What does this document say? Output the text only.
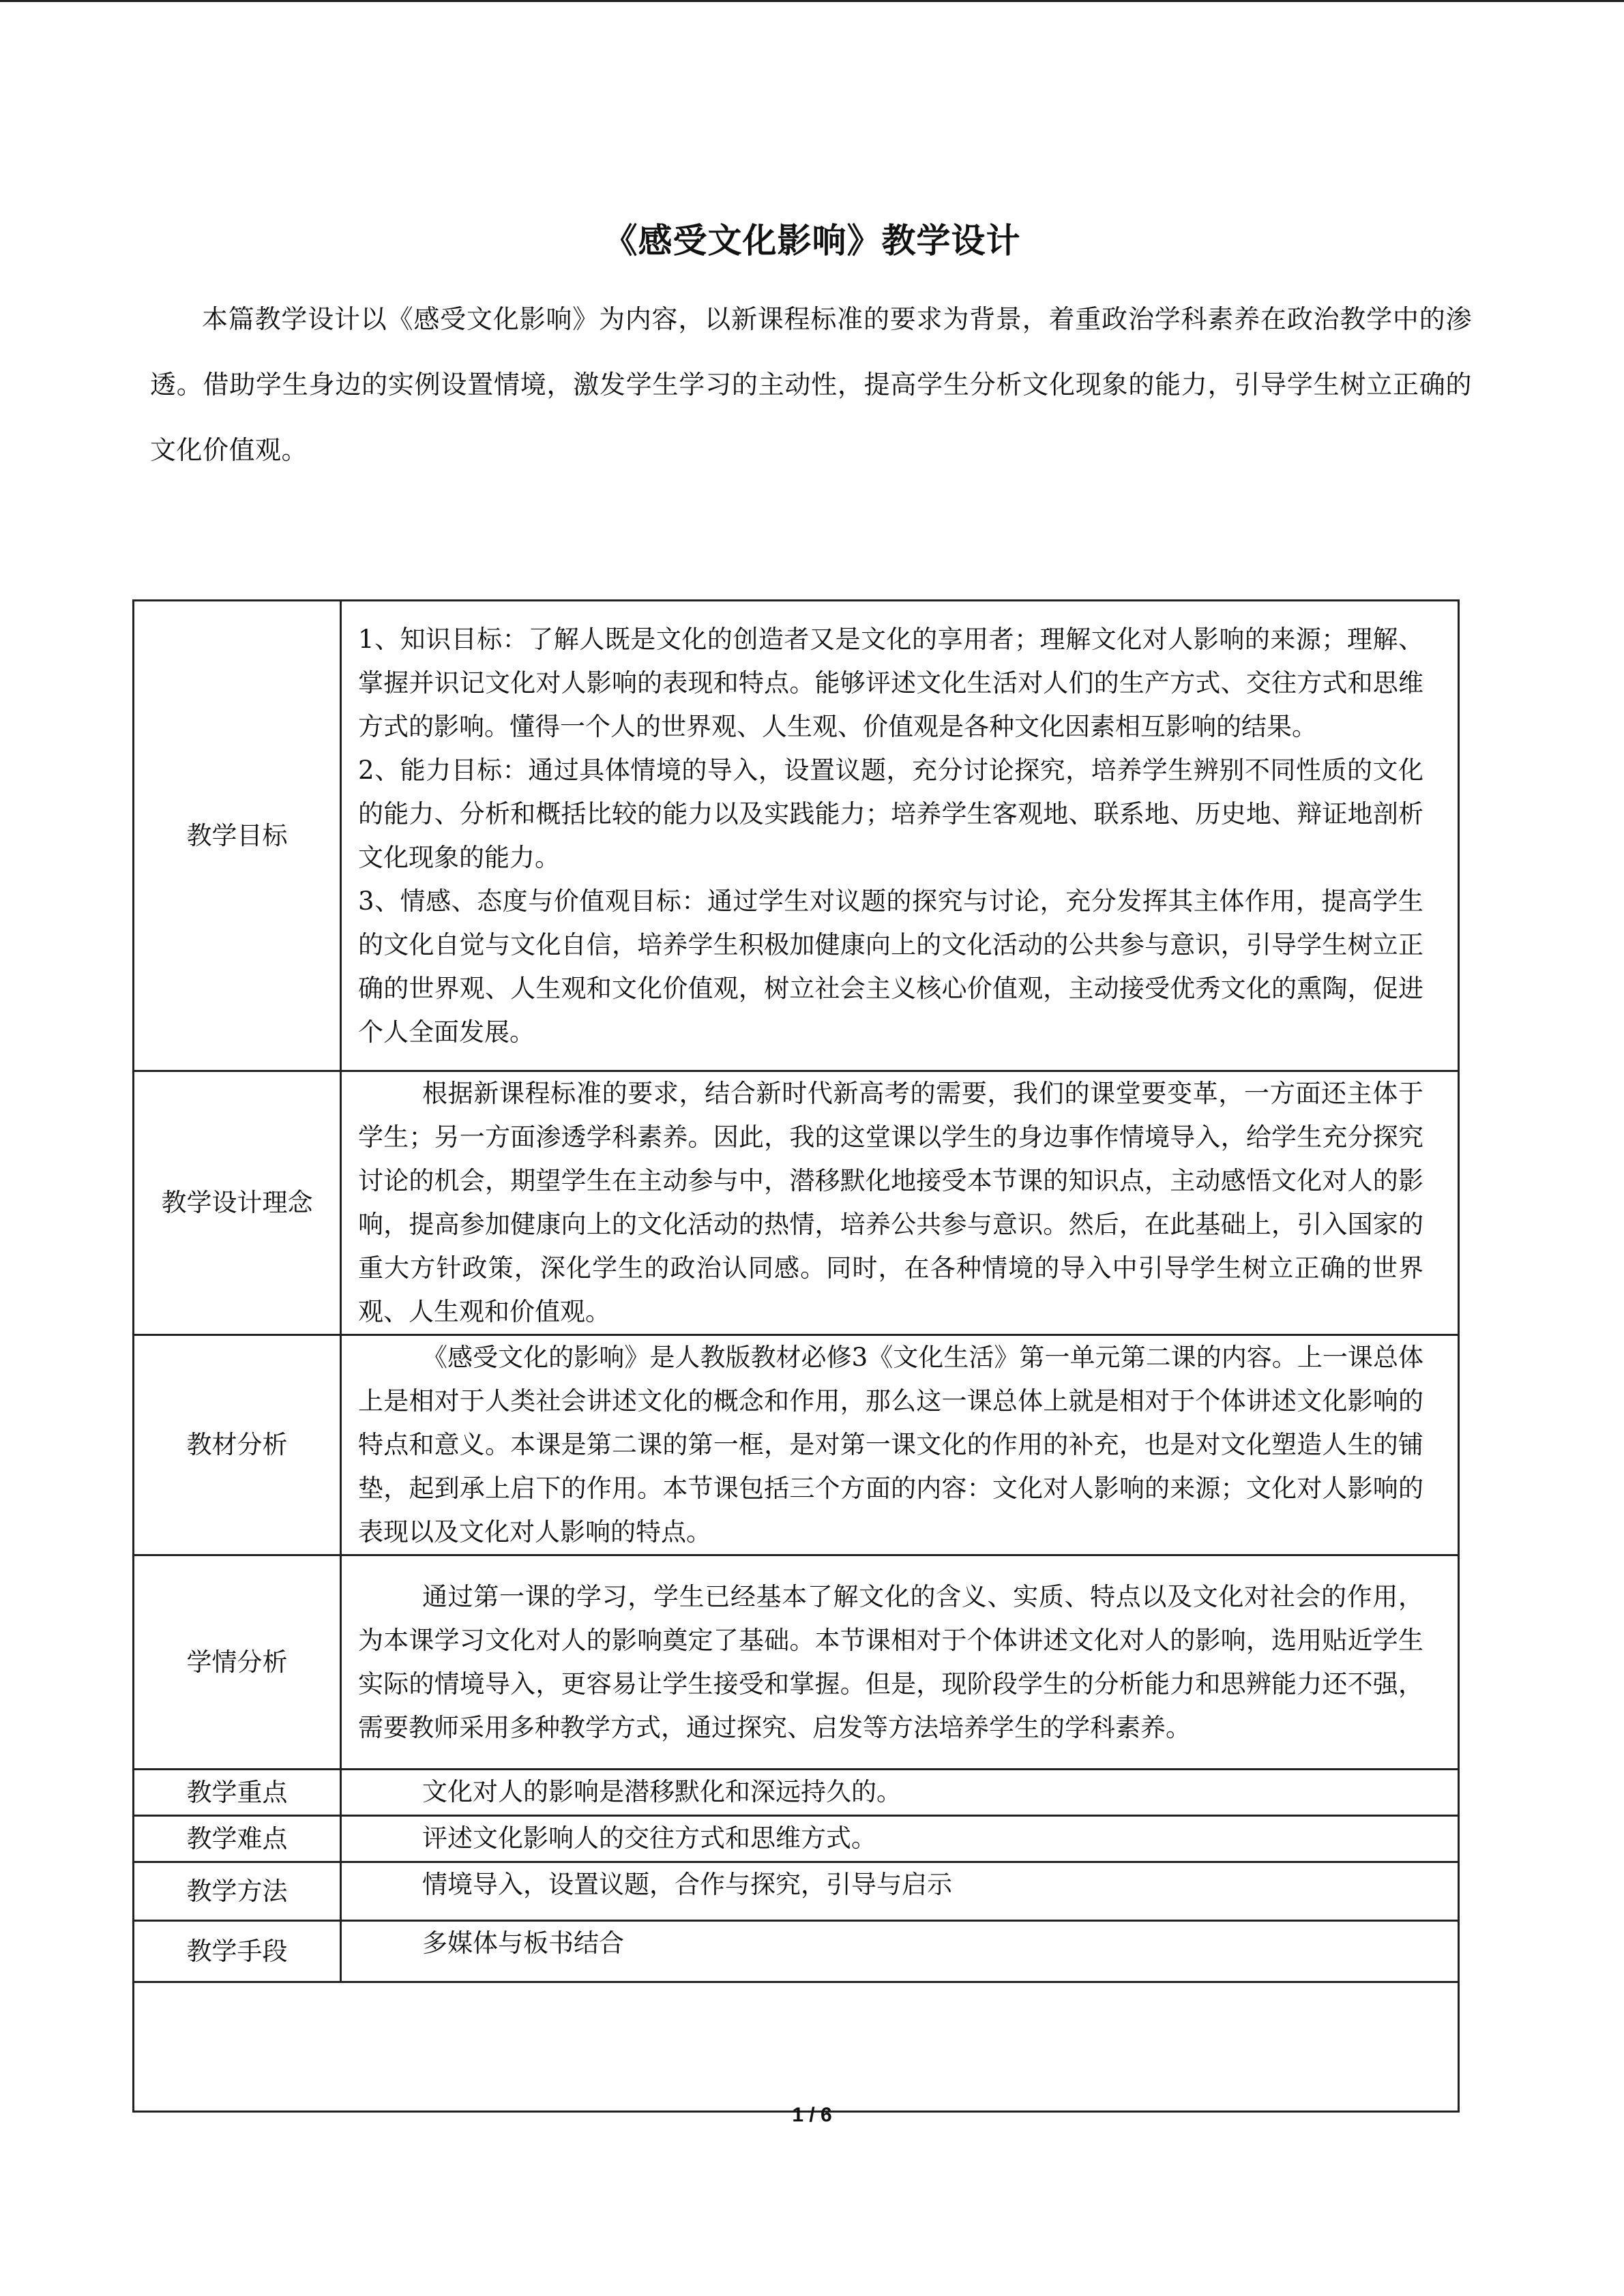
《感受文化影响》教学设计
本篇教学设计以《感受文化影响》为内容，以新课程标准的要求为背景，着重政治学科素养在政治教学中的渗透。借助学生身边的实例设置情境，激发学生学习的主动性，提高学生分析文化现象的能力，引导学生树立正确的文化价值观。
教学目标	1、知识目标：了解人既是文化的创造者又是文化的享用者；理解文化对人影响的来源；理解、掌握并识记文化对人影响的表现和特点。能够评述文化生活对人们的生产方式、交往方式和思维方式的影响。懂得一个人的世界观、人生观、价值观是各种文化因素相互影响的结果。

2、能力目标：通过具体情境的导入，设置议题，充分讨论探究，培养学生辨别不同性质的文化的能力、分析和概括比较的能力以及实践能力；培养学生客观地、联系地、历史地、辩证地剖析文化现象的能力。

3、情感、态度与价值观目标：通过学生对议题的探究与讨论，充分发挥其主体作用，提高学生的文化自觉与文化自信，培养学生积极加健康向上的文化活动的公共参与意识，引导学生树立正确的世界观、人生观和文化价值观，树立社会主义核心价值观，主动接受优秀文化的熏陶，促进个人全面发展。

教学设计理念	根据新课程标准的要求，结合新时代新高考的需要，我们的课堂要变革，一方面还主体于学生；另一方面渗透学科素养。因此，我的这堂课以学生的身边事作情境导入，给学生充分探究讨论的机会，期望学生在主动参与中，潜移默化地接受本节课的知识点，主动感悟文化对人的影响，提高参加健康向上的文化活动的热情，培养公共参与意识。然后，在此基础上，引入国家的重大方针政策，深化学生的政治认同感。同时，在各种情境的导入中引导学生树立正确的世界观、人生观和价值观。

教材分析	《感受文化的影响》是人教版教材必修3《文化生活》第一单元第二课的内容。上一课总体上是相对于人类社会讲述文化的概念和作用，那么这一课总体上就是相对于个体讲述文化影响的特点和意义。本课是第二课的第一框，是对第一课文化的作用的补充，也是对文化塑造人生的铺垫，起到承上启下的作用。本节课包括三个方面的内容：文化对人影响的来源；文化对人影响的表现以及文化对人影响的特点。

学情分析	通过第一课的学习，学生已经基本了解文化的含义、实质、特点以及文化对社会的作用，为本课学习文化对人的影响奠定了基础。本节课相对于个体讲述文化对人的影响，选用贴近学生实际的情境导入，更容易让学生接受和掌握。但是，现阶段学生的分析能力和思辨能力还不强，需要教师采用多种教学方式，通过探究、启发等方法培养学生的学科素养。

教学重点	文化对人的影响是潜移默化和深远持久的。
教学难点	评述文化影响人的交往方式和思维方式。
教学方法	情境导入，设置议题，合作与探究，引导与启示
教学手段	多媒体与板书结合

1 / 6
